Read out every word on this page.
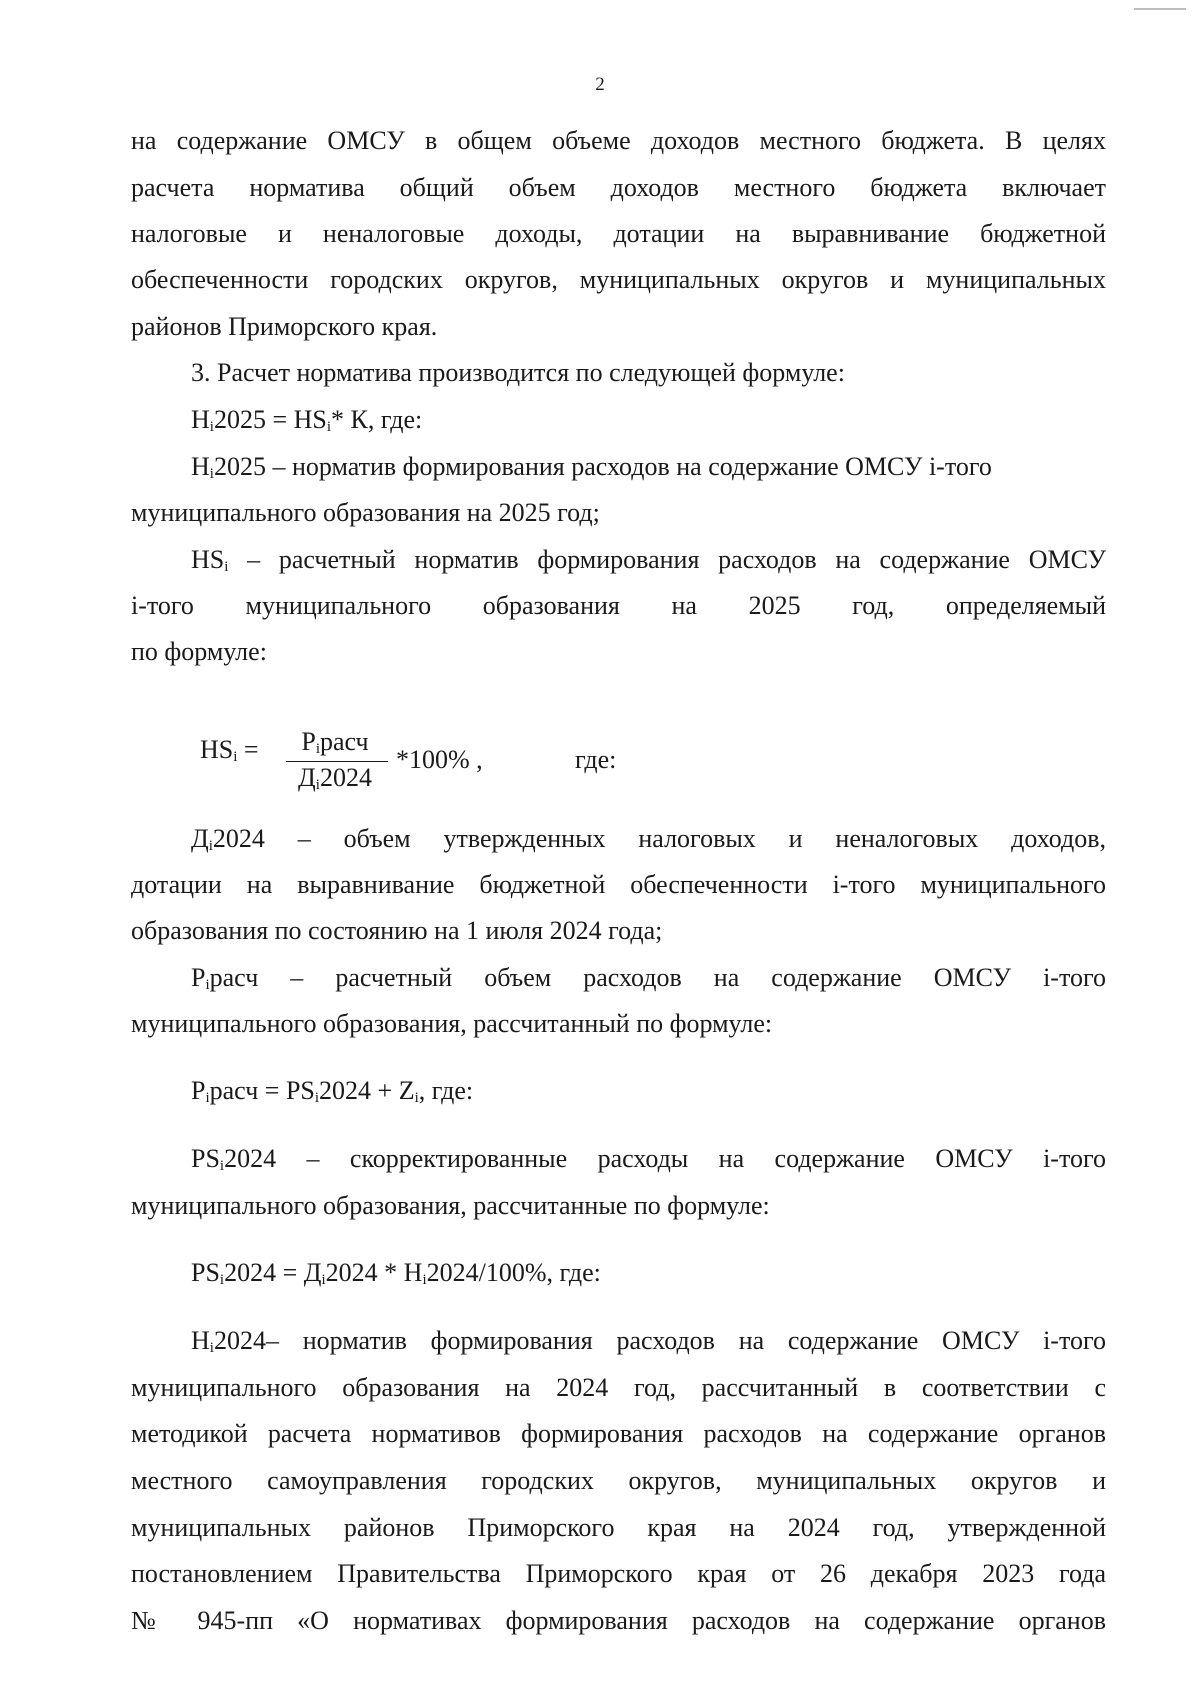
2
на содержание ОМСУ в общем объеме доходов местного бюджета. В целях
расчета норматива общий объем доходов местного бюджета включает
налоговые и неналоговые доходы, дотации на выравнивание бюджетной
обеспеченности городских округов, муниципальных округов и муниципальных
районов Приморского края.
3. Расчет норматива производится по следующей формуле:
$Н_i2025 = НS_i*$ К, где:
$Н_i2025$ – норматив формирования расходов на содержание ОМСУ i-того
муниципального образования на 2025 год;
$НS_i$ – расчетный норматив формирования расходов на содержание ОМСУ
i-того муниципального образования на 2025 год, определяемый
по формуле:
$НS_i$ =	$Р_iрасч$
$Д_i2024$
*100% ,	где:
$Д_i2024$ – объем утвержденных налоговых и неналоговых доходов,
дотации на выравнивание бюджетной обеспеченности i-того муниципального
образования по состоянию на 1 июля 2024 года;
$Р_iрасч$ – расчетный объем расходов на содержание ОМСУ i-того
муниципального образования, рассчитанный по формуле:
$Р_iрасч = РS_i2024 + Z_i$, где:
$РS_i2024$ – скорректированные расходы на содержание ОМСУ i-того
муниципального образования, рассчитанные по формуле:
$РS_i2024 = Д_i2024 * Н_i2024/100\%$, где:
$Н_i2024-$ норматив формирования расходов на содержание ОМСУ i-того
муниципального образования на 2024 год, рассчитанный в соответствии с
методикой расчета нормативов формирования расходов на содержание органов
местного самоуправления городских округов, муниципальных округов и
муниципальных районов Приморского края на 2024 год, утвержденной
постановлением Правительства Приморского края от 26 декабря 2023 года
№ 945-пп «О нормативах формирования расходов на содержание органов
